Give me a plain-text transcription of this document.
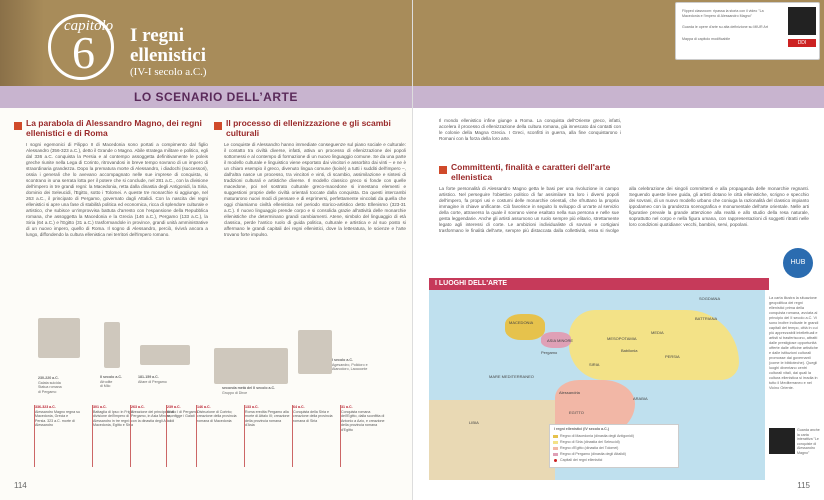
capitolo
6 I regni
ellenistici
(IV-I secolo a.C.)
LO SCENARIO DELL’ARTE
La parabola di Alessandro Magno, dei regni ellenistici e di Roma
I sogni egemonici di Filippo II di Macedonia sono portati a compimento dal figlio Alessandro (356-323 a.C.), detto il Grande o Magno. Abile stratega militare e politico, egli dal 336 a.C. conquista la Persia e al contempo assoggetta definitivamente le poleis greche riunite nella Lega di Corinto, ritrovandosi in breve tempo sovrano di un impero di straordinaria grandezza. Dopo la prematura morte di Alessandro, i diadochi (successori), ossia i generali che lo avevano accompagnato nelle sue imprese di conquista, si scontrano in una serrata lotta per il potere che si conclude, nel 281 a.C., con la divisione dell'impero in tre grandi regni: la Macedonia, retta dalla dinastia degli Antigonidi, la Siria, dominio dei Seleucidi, l'Egitto, sotto i Tolomei. A queste tre monarchie si aggiunge, nel 263 a.C., il principato di Pergamo, governato dagli Attalidi. Con la nascita dei regni ellenistici si apre una fase di stabilità politica ed economica, ricca di splendore culturale e artistico, che subisce un'improvvisa battuta d'arresto con l'espansione della Repubblica romana, che assoggetta la Macedonia e la Grecia (146 a.C.), Pergamo (133 a.C.), la Siria (64 a.C.) e l'Egitto (31 a.C.) trasformandole in province, grandi unità amministrative di un nuovo impero, quello di Roma. Il sogno di Alessandro, perciò, rivivrà ancora a lungo, diffondendo la cultura ellenistica nei territori dell'impero romano.
Il processo di ellenizzazione e gli scambi culturali
Le conquiste di Alessandro hanno immediate conseguenze sul piano sociale e culturale: il contatto tra civiltà diverse, infatti, attiva un processo di ellenizzazione dei popoli sottomessi e al contempo di formazione di un nuovo linguaggio comune. Se da una parte il modello culturale e linguistico viene esportato dai vincitori e assorbito dai vinti – e ne è un chiaro esempio il greco, divenuto lingua comune (koinè) a tutti i sudditi dell'impero –, dall'altra nasce un processo, tra vincitori e vinti, di scambio, assimilazione e sintesi di tradizioni culturali e artistiche diverse. Il modello classico greco si fonde con quelle macedone, poi nel sostrato culturale greco-macedone si innestano elementi e suggestioni proprie delle civiltà orientali toccate dalla conquista. Da questi intercambi maturarono nuovi modi di pensare e di esprimersi, perfettamente vincolati da quella che oggi chiamiamo civiltà ellenistica nel periodo storico-artistico detto Ellenismo (323-31 a.C.). Il nuovo linguaggio prende corpo e si consolida grazie all'attività delle monarchie ellenistiche che determinano grandi cambiamenti. Atene, simbolo del linguaggio di età classica, perde l'antico ruolo di guida politica, culturale e artistica e al suo posto si affermano le grandi capitali dei regni ellenistici, dove la letteratura, le scienze e l'arte trovano forte impulso.
230-220 a.C.
Galata suicida
Statua romana
di Pergamo
II secolo a.C.
Afrodite
di Milo
181-159 a.C.
Altare di Pergamo
seconda metà del II secolo a.C.
Gruppo di Dirce
I secolo a.C.
Agesandro, Polidoro e Atanodoro, Laocoonte
336-323 a.C.
Alessandro Magno regna su Macedonia, Grecia e Persia. 323 a.C. morte di Alessandro
301 a.C.
Battaglia di Ipso: in Frigia: divisione dell'impero di Alessandro in tre regni: Macedonia, Egitto e Siria
263 a.C.
Creazione del principato di Pergamo, in Asia Minore, con la dinastia degli Attalidi
239 a.C.
Attalo I di Pergamo sconfigge i Galati
146 a.C.
Distruzione di Corinto; creazione della provincia romana di Macedonia
133 a.C.
Roma eredita Pergamo alla morte di Attalo III; creazione della provincia romana d'Asia
64 a.C.
Conquista della Siria e creazione della provincia romana di Siria
31 a.C.
Conquista romana dell'Egitto, dalla sconfitta di Antonio a Azio, e creazione della provincia romana d'Egitto
114
Flipped classroom: ripassa la storia con il video "La Macedonia e l'impero di Alessandro Magno"
Guarda le opere d'arte su alta definizione su MIUR Art
Mappa di capitolo modificabile
DDI
Il mondo ellenistico infine giunge a Roma. La conquista dell'Oriente greco, infatti, accelera il processo di ellenizzazione della cultura romana, già innescato dai contatti con le colonie della Magna Grecia. I Greci, sconfitti in guerra, alla fine conquistarono i Romani con la forza della loro arte.
Committenti, finalità e caratteri dell'arte ellenistica
La forte personalità di Alessandro Magno getta le basi per una rivoluzione in campo artistico. Nel perseguire l'obiettivo politico di far assimilare tra loro i diversi popoli dell'impero, fa propri usi e costumi delle monarchie orientali, che sfruttano la propria immagine in chiave unificante. Ciò favorisce in seguito lo sviluppo di un'arte al servizio della corte, attraverso la quale il sovrano viene esaltato nella sua persona e nelle sue gesta leggendarie. Anche gli artisti assumono un ruolo sempre più elitario, strettamente legato agli interessi di corte. Le ambizioni individualiste di sovrani e cortigiani trasformano le finalità dell'arte, sempre più distaccata dalla collettività, essa si rivolge alla celebrazione dei singoli committenti e alla propaganda delle monarchie regnanti. Seguendo queste linee guida, gli artisti dotano le città ellenistiche, scrigno e specchio dei sovrani, di un nuovo modello urbano che coniuga la razionalità del classico impianto ippodameo con la grandezza scenografica e monumentale dell'arte orientale. Nelle arti figurative prevale la grande attenzione alla realtà e allo studio della resa naturale, soprattutto nel corpo e nella figura umana, con rappresentazioni di soggetti ritratti nelle loro condizioni quotidiane: vecchi, bambini, servi, popolani.
I LUOGHI DELL'ARTE
MACEDONIA
ASIA MINORE
SIRIA
MESOPOTAMIA
BATTRIANA
SOGDIANA
MEDIA
PERSIA
EGITTO
LIBIA
MARE MEDITERRANEO
ARABIA
Pergamo
Alessandria
Babilonia
I regni ellenistici (IV secolo a.C.)
Regno di Macedonia (dinastia degli Antigonidi)
Regno di Siria (dinastia dei Seleucidi)
Regno d'Egitto (dinastia dei Tolomei)
Regno di Pergamo (dinastia degli Attalidi)
Capitali dei regni ellenistici
HUB
La carta illustra la situazione geopolitica dei regni ellenistici prima della conquista romana, avviata al principio del II secolo a.C. Vi sono inoltre indicate le grandi capitali del tempo, città in cui più apprezzabili intellettuali e artisti si trasferiscono, attratti dalle prestigiose opportunità offerte dalle officine artistiche e dalle istituzioni culturali promosse dai governanti (come le biblioteche). Quegli luoghi diventano centri culturali vitali, dai quali la cultura ellenistica si irradia in tutto il Mediterraneo e nel Vicino Oriente.
Guarda anche la carta interattiva "Le conquiste di Alessandro Magno"
115
